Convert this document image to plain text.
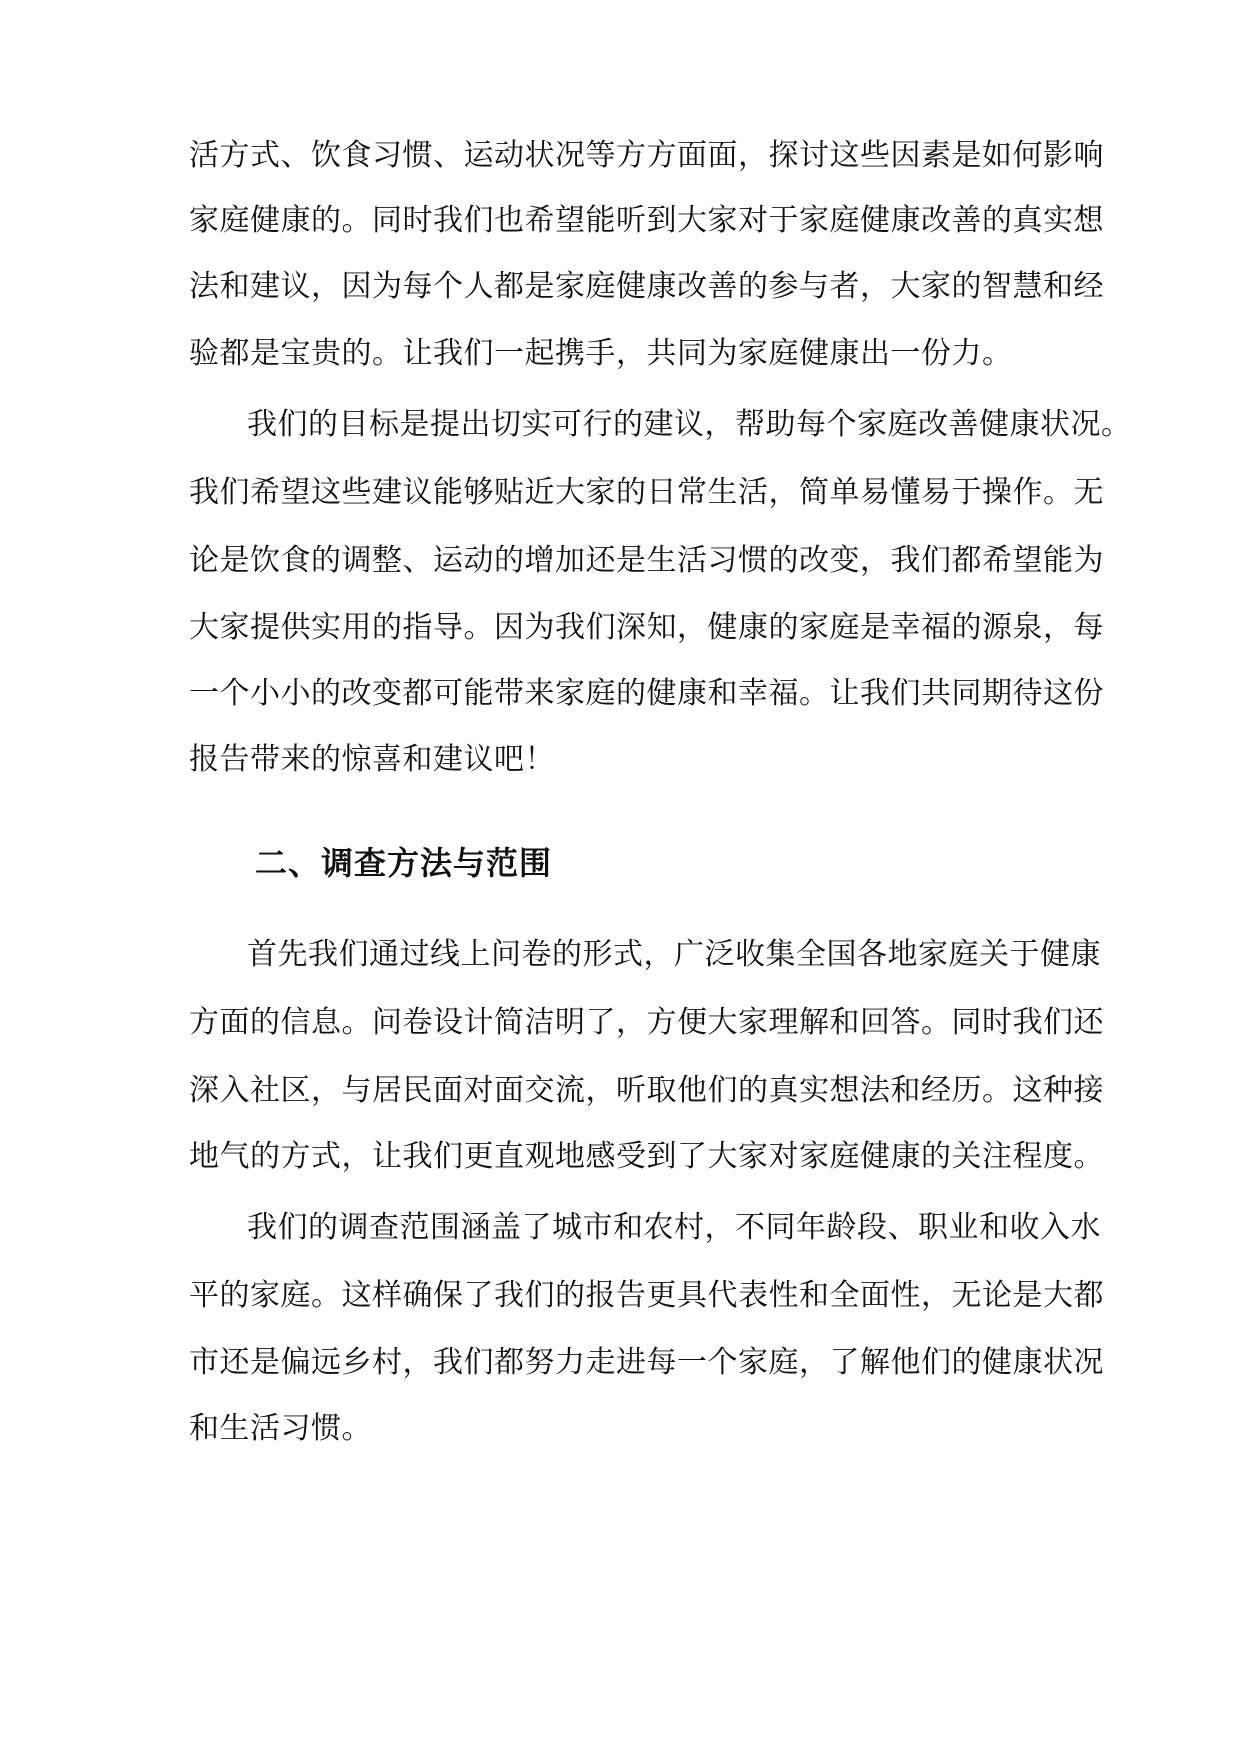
活方式、饮食习惯、运动状况等方方面面，探讨这些因素是如何影响
家庭健康的。同时我们也希望能听到大家对于家庭健康改善的真实想
法和建议，因为每个人都是家庭健康改善的参与者，大家的智慧和经
验都是宝贵的。让我们一起携手，共同为家庭健康出一份力。
我们的目标是提出切实可行的建议，帮助每个家庭改善健康状况。
我们希望这些建议能够贴近大家的日常生活，简单易懂易于操作。无
论是饮食的调整、运动的增加还是生活习惯的改变，我们都希望能为
大家提供实用的指导。因为我们深知，健康的家庭是幸福的源泉，每
一个小小的改变都可能带来家庭的健康和幸福。让我们共同期待这份
报告带来的惊喜和建议吧！
二、调查方法与范围
首先我们通过线上问卷的形式，广泛收集全国各地家庭关于健康
方面的信息。问卷设计简洁明了，方便大家理解和回答。同时我们还
深入社区，与居民面对面交流，听取他们的真实想法和经历。这种接
地气的方式，让我们更直观地感受到了大家对家庭健康的关注程度。
我们的调查范围涵盖了城市和农村，不同年龄段、职业和收入水
平的家庭。这样确保了我们的报告更具代表性和全面性，无论是大都
市还是偏远乡村，我们都努力走进每一个家庭，了解他们的健康状况
和生活习惯。
